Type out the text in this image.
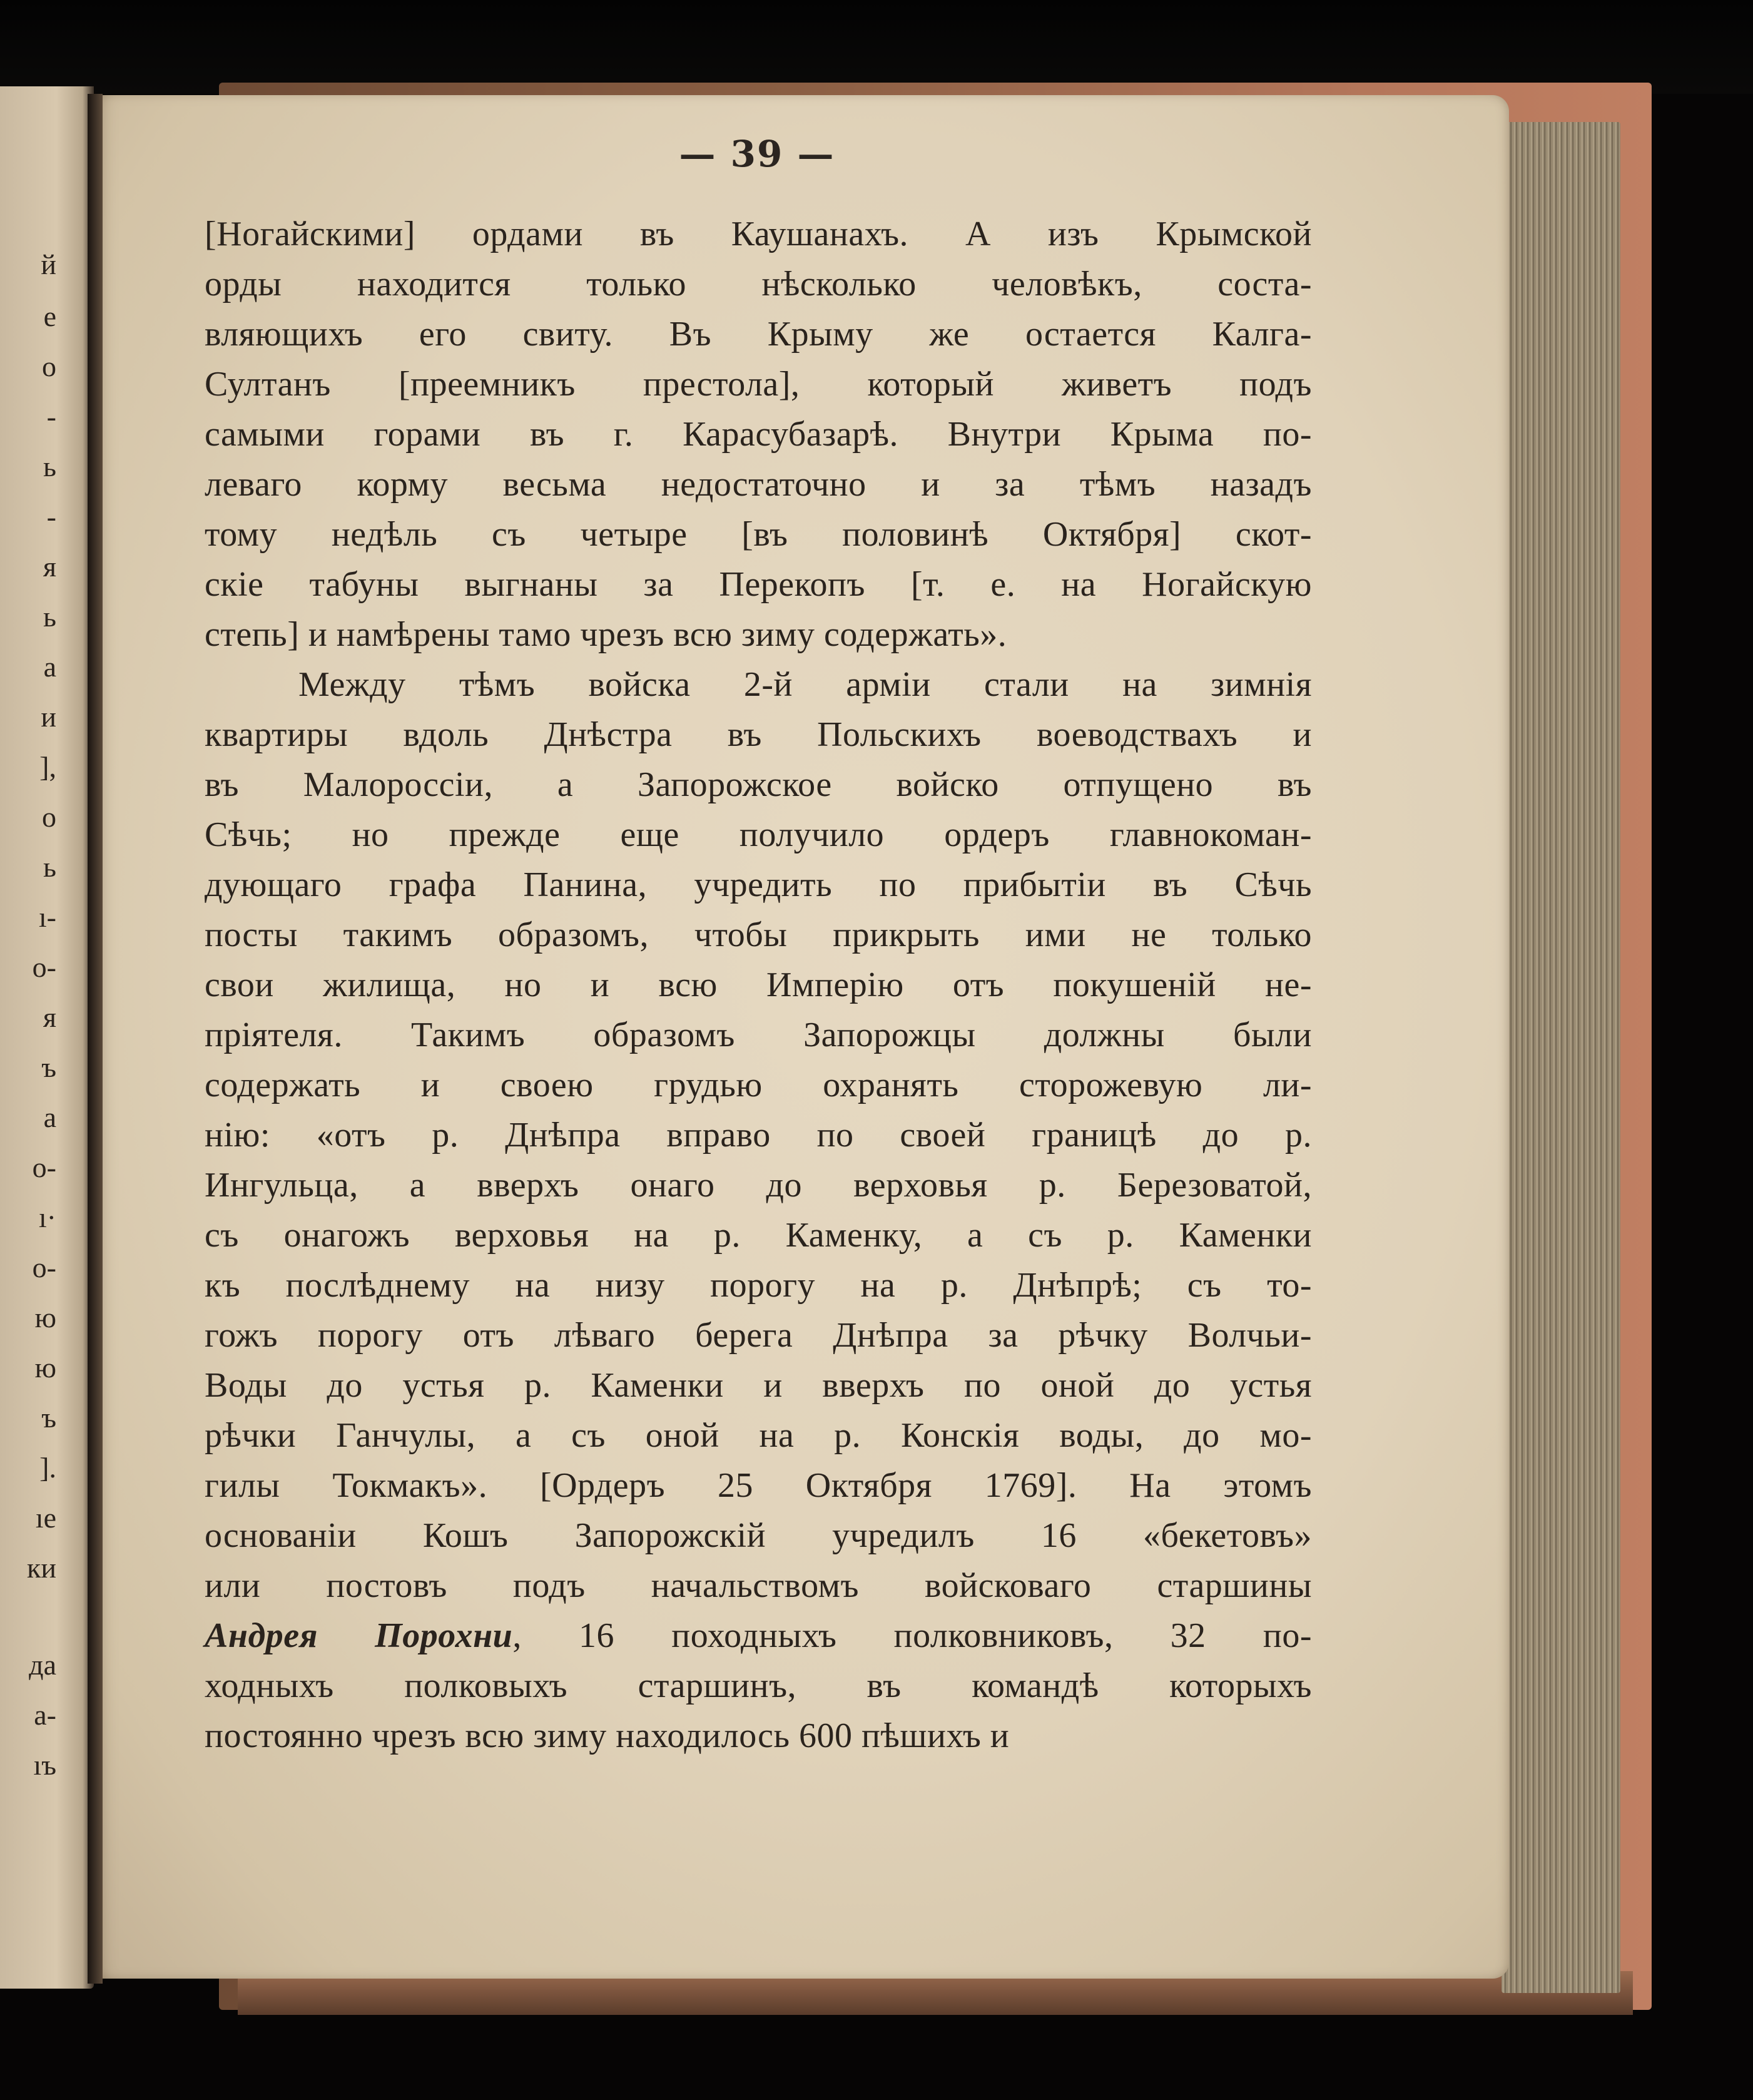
й
е
о
-
ь
-
я
ь
а
и
],
о
ь
ı-
о-
я
ъ
а
о-
ı·
о-
ю
ю
ъ
].
ıе
ки
да
а-
ıъ
— 39 —
[Ногайскими] ордами въ Каушанахъ. А изъ Крымской
орды находится только нѣсколько человѣкъ, соста-
вляющихъ его свиту. Въ Крыму же остается Калга-
Султанъ [преемникъ престола], который живетъ подъ
самыми горами въ г. Карасубазарѣ. Внутри Крыма по-
леваго корму весьма недостаточно и за тѣмъ назадъ
тому недѣль съ четыре [въ половинѣ Октября] скот-
скіе табуны выгнаны за Перекопъ [т. е. на Ногайскую
степь] и намѣрены тамо чрезъ всю зиму содержать».
Между тѣмъ войска 2-й арміи стали на зимнія
квартиры вдоль Днѣстра въ Польскихъ воеводствахъ и
въ Малороссіи, а Запорожское войско отпущено въ
Сѣчь; но прежде еще получило ордеръ главнокоман-
дующаго графа Панина, учредить по прибытіи въ Сѣчь
посты такимъ образомъ, чтобы прикрыть ими не только
свои жилища, но и всю Имперію отъ покушеній не-
пріятеля. Такимъ образомъ Запорожцы должны были
содержать и своею грудью охранять сторожевую ли-
нію: «отъ р. Днѣпра вправо по своей границѣ до р.
Ингульца, а вверхъ онаго до верховья р. Березоватой,
съ онагожъ верховья на р. Каменку, а съ р. Каменки
къ послѣднему на низу порогу на р. Днѣпрѣ; съ то-
гожъ порогу отъ лѣваго берега Днѣпра за рѣчку Волчьи-
Воды до устья р. Каменки и вверхъ по оной до устья
рѣчки Ганчулы, а съ оной на р. Конскія воды, до мо-
гилы Токмакъ». [Ордеръ 25 Октября 1769]. На этомъ
основаніи Кошъ Запорожскій учредилъ 16 «бекетовъ»
или постовъ подъ начальствомъ войсковаго старшины
Андрея Порохни, 16 походныхъ полковниковъ, 32 по-
ходныхъ полковыхъ старшинъ, въ командѣ которыхъ
постоянно чрезъ всю зиму находилось 600 пѣшихъ и
